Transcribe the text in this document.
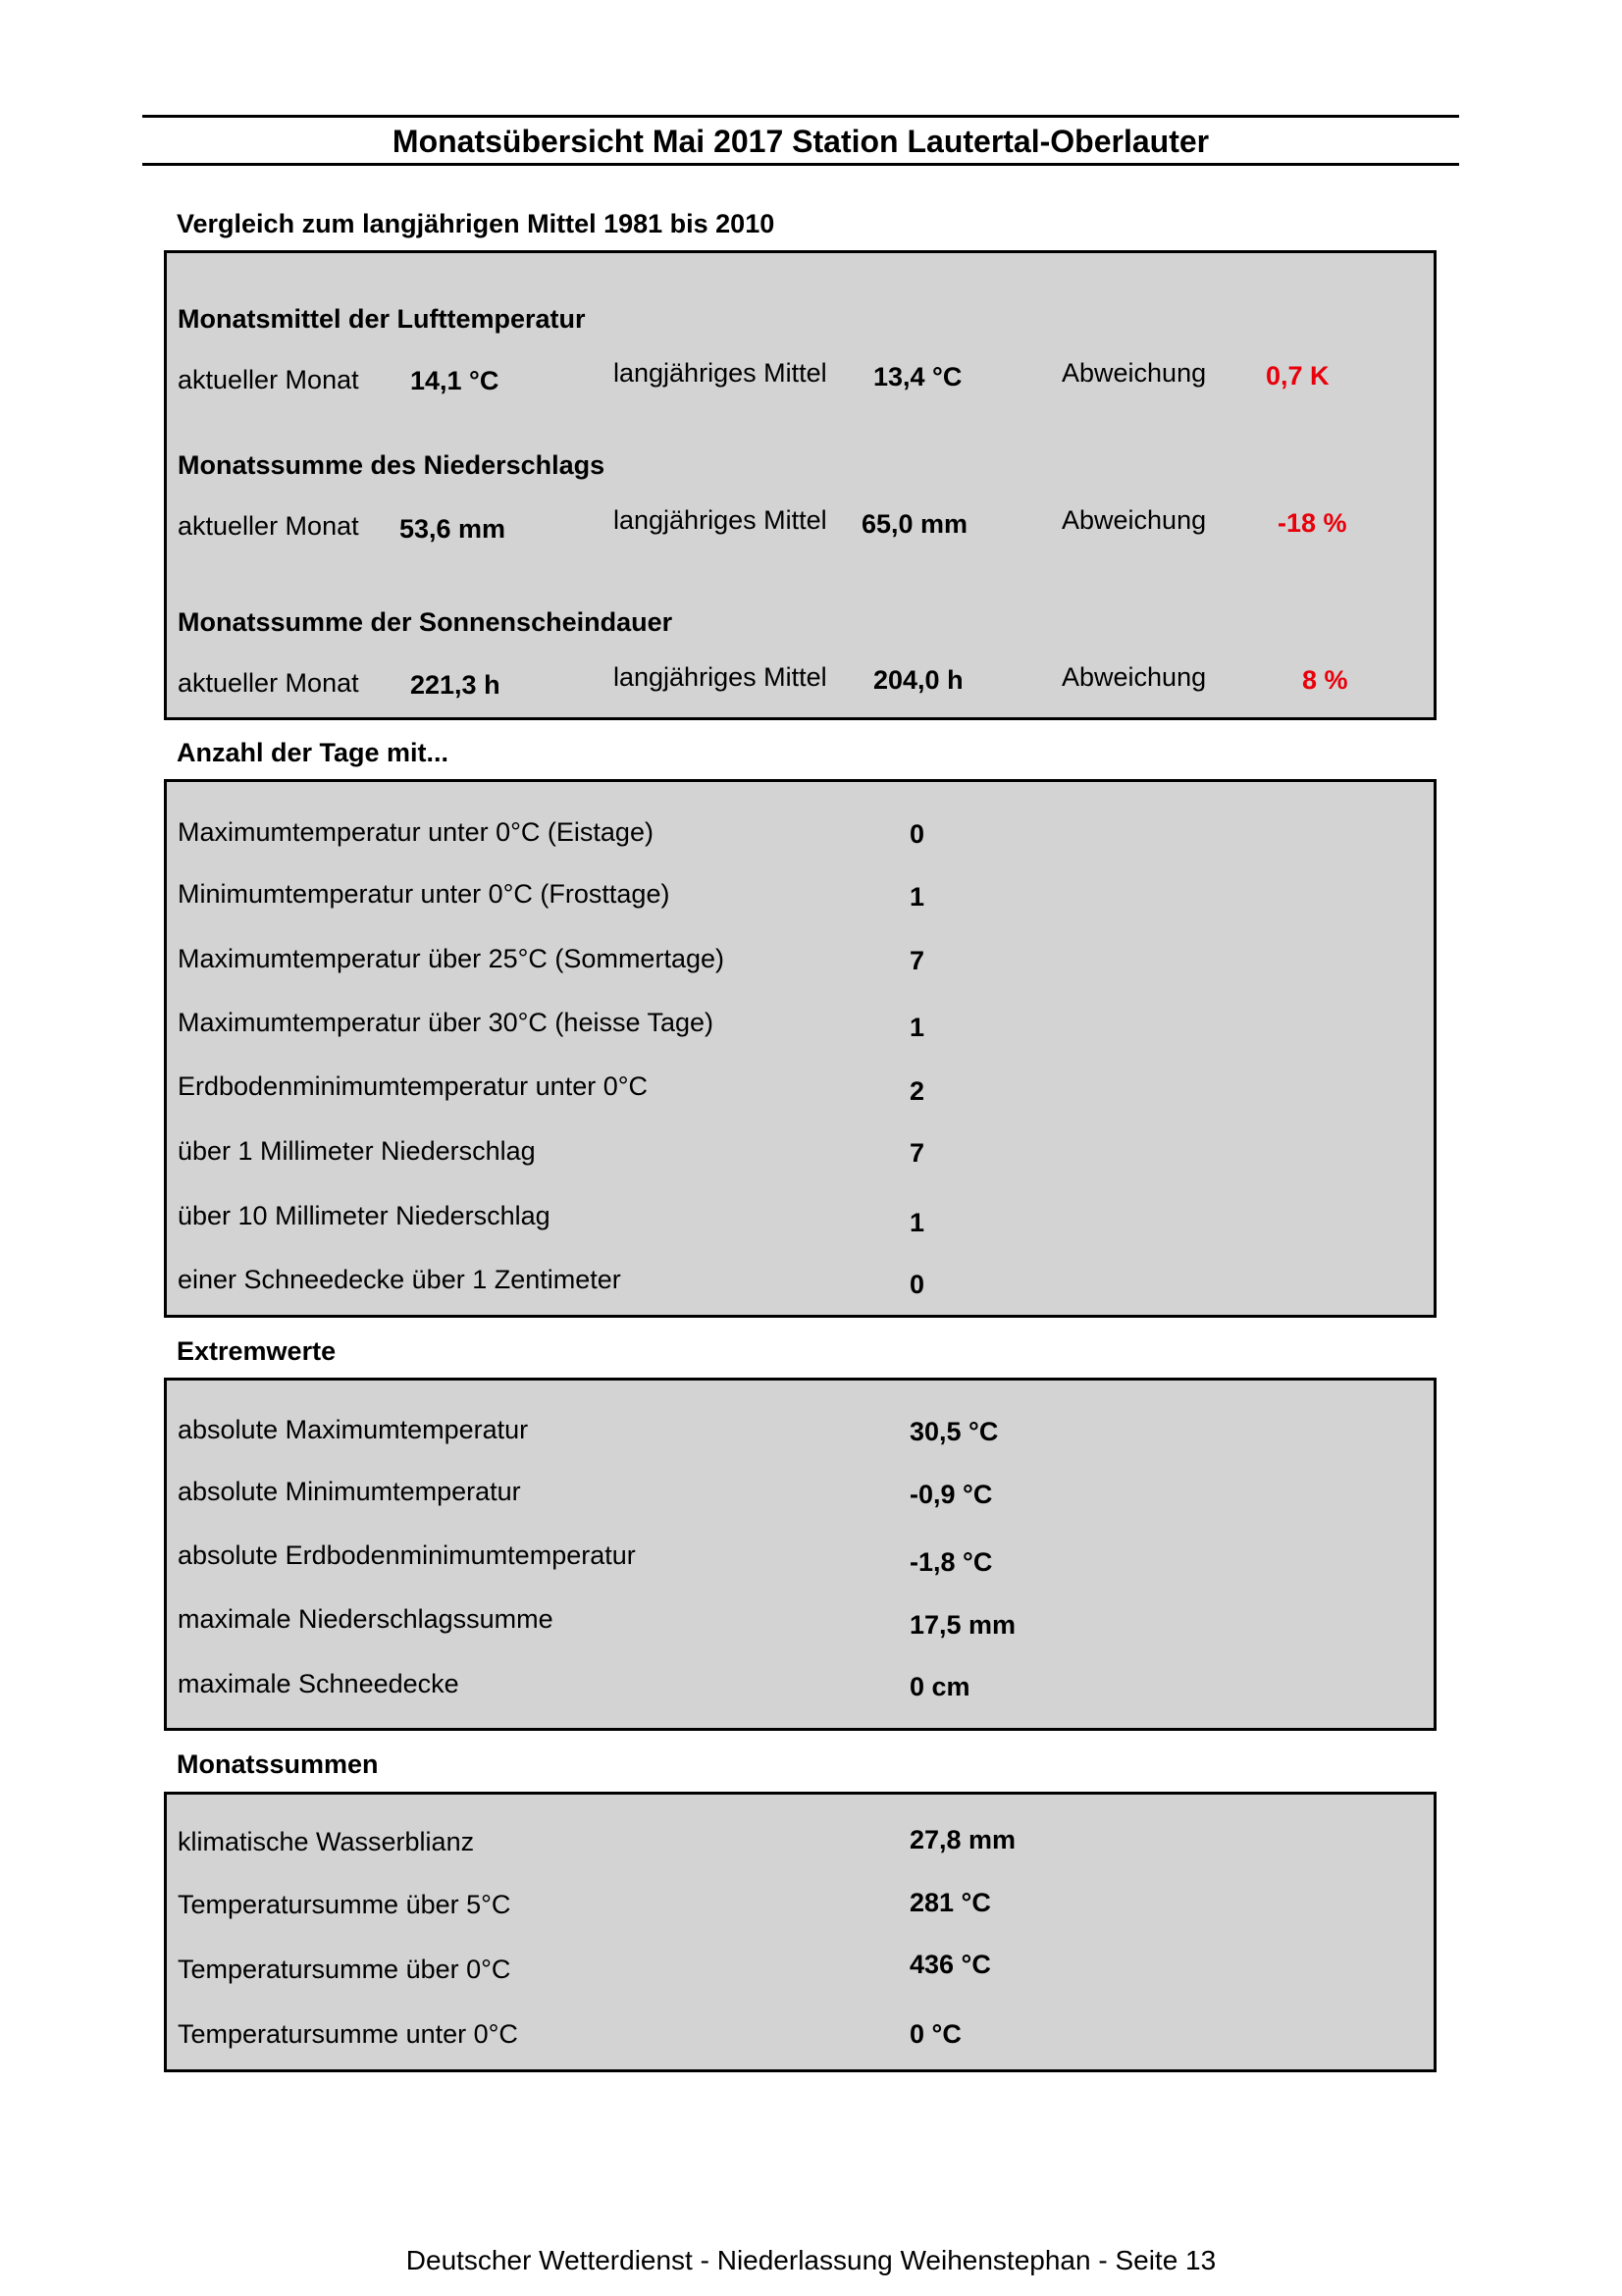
Monatsübersicht Mai 2017 Station Lautertal-Oberlauter
Vergleich zum langjährigen Mittel 1981 bis 2010
Monatsmittel der Lufttemperatur
aktueller Monat 14,1 °C	langjähriges Mittel 13,4 °C	Abweichung 0,7 K
Monatssumme des Niederschlags
aktueller Monat 53,6 mm	langjähriges Mittel 65,0 mm	Abweichung	-18 %
Monatssumme der Sonnenscheindauer
aktueller Monat 221,3 h	langjähriges Mittel 204,0 h	Abweichung	8 %
Anzahl der Tage mit...
Maximumtemperatur unter 0°C (Eistage)	0
Minimumtemperatur unter 0°C (Frosttage)	1
Maximumtemperatur über 25°C (Sommertage)	7
Maximumtemperatur über 30°C (heisse Tage)	1
Erdbodenminimumtemperatur unter 0°C	2
über 1 Millimeter Niederschlag	7
über 10 Millimeter Niederschlag	1
einer Schneedecke über 1 Zentimeter	0
Extremwerte
absolute Maximumtemperatur	30,5 °C
absolute Minimumtemperatur	-0,9 °C
absolute Erdbodenminimumtemperatur	-1,8 °C
maximale Niederschlagssumme	17,5 mm
maximale Schneedecke	0 cm
Monatssummen
klimatische Wasserblianz	27,8 mm
Temperatursumme über 5°C	281 °C
Temperatursumme über 0°C	436 °C
Temperatursumme unter 0°C	0 °C
Deutscher Wetterdienst - Niederlassung Weihenstephan - Seite 13
